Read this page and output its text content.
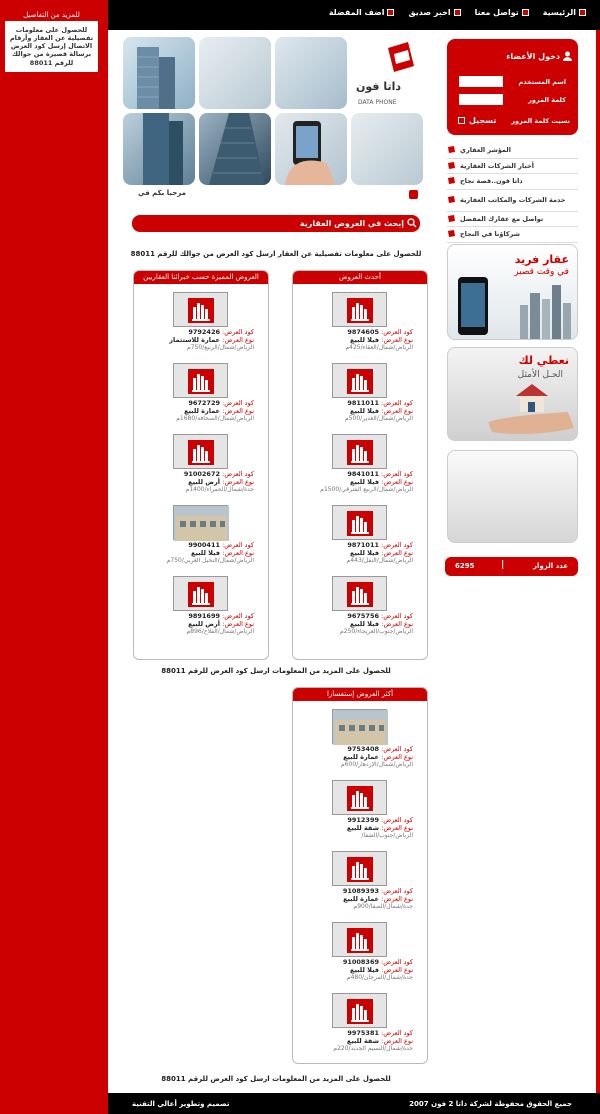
للمزيد من التفاصيل
للحصول على معلومات تفصيلية عن العقار وأرقام الاتصال إرسل كود العرض برسالة قصيرة من جوالك للرقم 88011
الرئيسية
تواصل معنا
اخبر صديق
اضف المفضلة
داتا فون
DATA PHONE
مرحبا بكم في
إبحث في العروض العقارية
للحصول على معلومات تفصيلية عن العقار ارسل كود العرض من جوالك للرقم 88011
أحدث العروض
العروض المميزة حسب خبرائنا العقاريين
للحصول على المزيد من المعلومات ارسل كود العرض للرقم 88011
أكثر العروض إستفسارا
للحصول على المزيد من المعلومات ارسل كود العرض للرقم 88011
كود العرض:9874605
نوع العرض:فيلا للبيع
الرياض/شمال/العقاء/425م
كود العرض:9811011
نوع العرض:فيلا للبيع
الرياض/شمال/الغدير/500م
كود العرض:9841011
نوع العرض:فيلا للبيع
الرياض/شمال/الربيع الشرقي/1500م
كود العرض:9871011
نوع العرض:فيلا للبيع
الرياض/شمال/النفل/443م
كود العرض:9675756
نوع العرض:فيلا للبيع
الرياض/جنوب/العريجاء/250م
كود العرض:9792426
نوع العرض:عمارة للاستثمار
الرياض/شمال/الربيع/750م
كود العرض:9672729
نوع العرض:عمارة للبيع
الرياض/شمال/الصحافة/1680م
كود العرض:91002672
نوع العرض:أرض للبيع
جدة/شمال/الحمراء/1400م
كود العرض:9900411
نوع العرض:فيلا للبيع
الرياض/شمال/النخيل الغربي/750م
كود العرض:9891699
نوع العرض:أرض للبيع
الرياض/شمال/الفلاح/896م
كود العرض:9753408
نوع العرض:عمارة للبيع
الرياض/شمال/الإزدهار/600م
كود العرض:9912399
نوع العرض:شقة للبيع
الرياض/جنوب/الشفا/
كود العرض:91089393
نوع العرض:عمارة للبيع
جدة/شمال/الصفا/900م
كود العرض:91008369
نوع العرض:فيلا للبيع
جدة/شمال/المرجان/480م
كود العرض:9975381
نوع العرض:شقة للبيع
جدة/شمال/النسيم الجديد/220م
دخول الأعضاء
اسم المستخدم
كلمة المرور
نسيت كلمة المرور
تسجيل
المؤشر العقاري
أخبار الشركات العقارية
داتا فون..قصة نجاح
خدمة الشركات والمكاتب العقارية
تواصل مع عقارك المفضل
شركاؤنا في النجاح
عقار فريد
في وقت قصير
نعطي لك
الحـل الأمثل
عدد الزوار
|
6295
جميع الحقوق محفوظة لشركة داتا 2 فون 2007
تصميم وتطوير أعالي التقنية
